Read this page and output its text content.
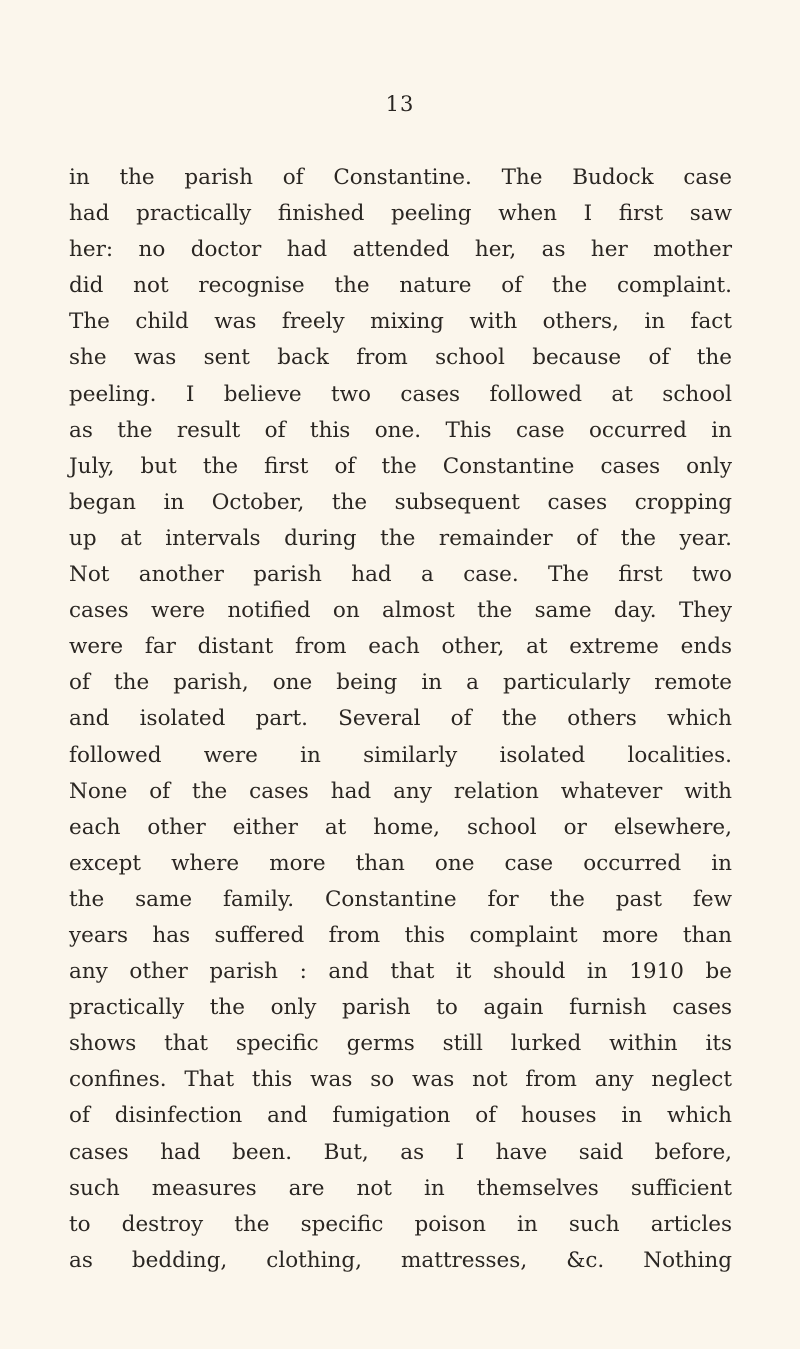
13
in the parish of Constantine. The Budock case
had practically finished peeling when I first saw
her: no doctor had attended her, as her mother
did not recognise the nature of the complaint.
The child was freely mixing with others, in fact
she was sent back from school because of the
peeling. I believe two cases followed at school
as the result of this one. This case occurred in
July, but the first of the Constantine cases only
began in October, the subsequent cases cropping
up at intervals during the remainder of the year.
Not another parish had a case. The first two
cases were notified on almost the same day. They
were far distant from each other, at extreme ends
of the parish, one being in a particularly remote
and isolated part. Several of the others which
followed were in similarly isolated localities.
None of the cases had any relation whatever with
each other either at home, school or elsewhere,
except where more than one case occurred in
the same family. Constantine for the past few
years has suffered from this complaint more than
any other parish : and that it should in 1910 be
practically the only parish to again furnish cases
shows that specific germs still lurked within its
confines. That this was so was not from any neglect
of disinfection and fumigation of houses in which
cases had been. But, as I have said before,
such measures are not in themselves sufficient
to destroy the specific poison in such articles
as bedding, clothing, mattresses, &c. Nothing
